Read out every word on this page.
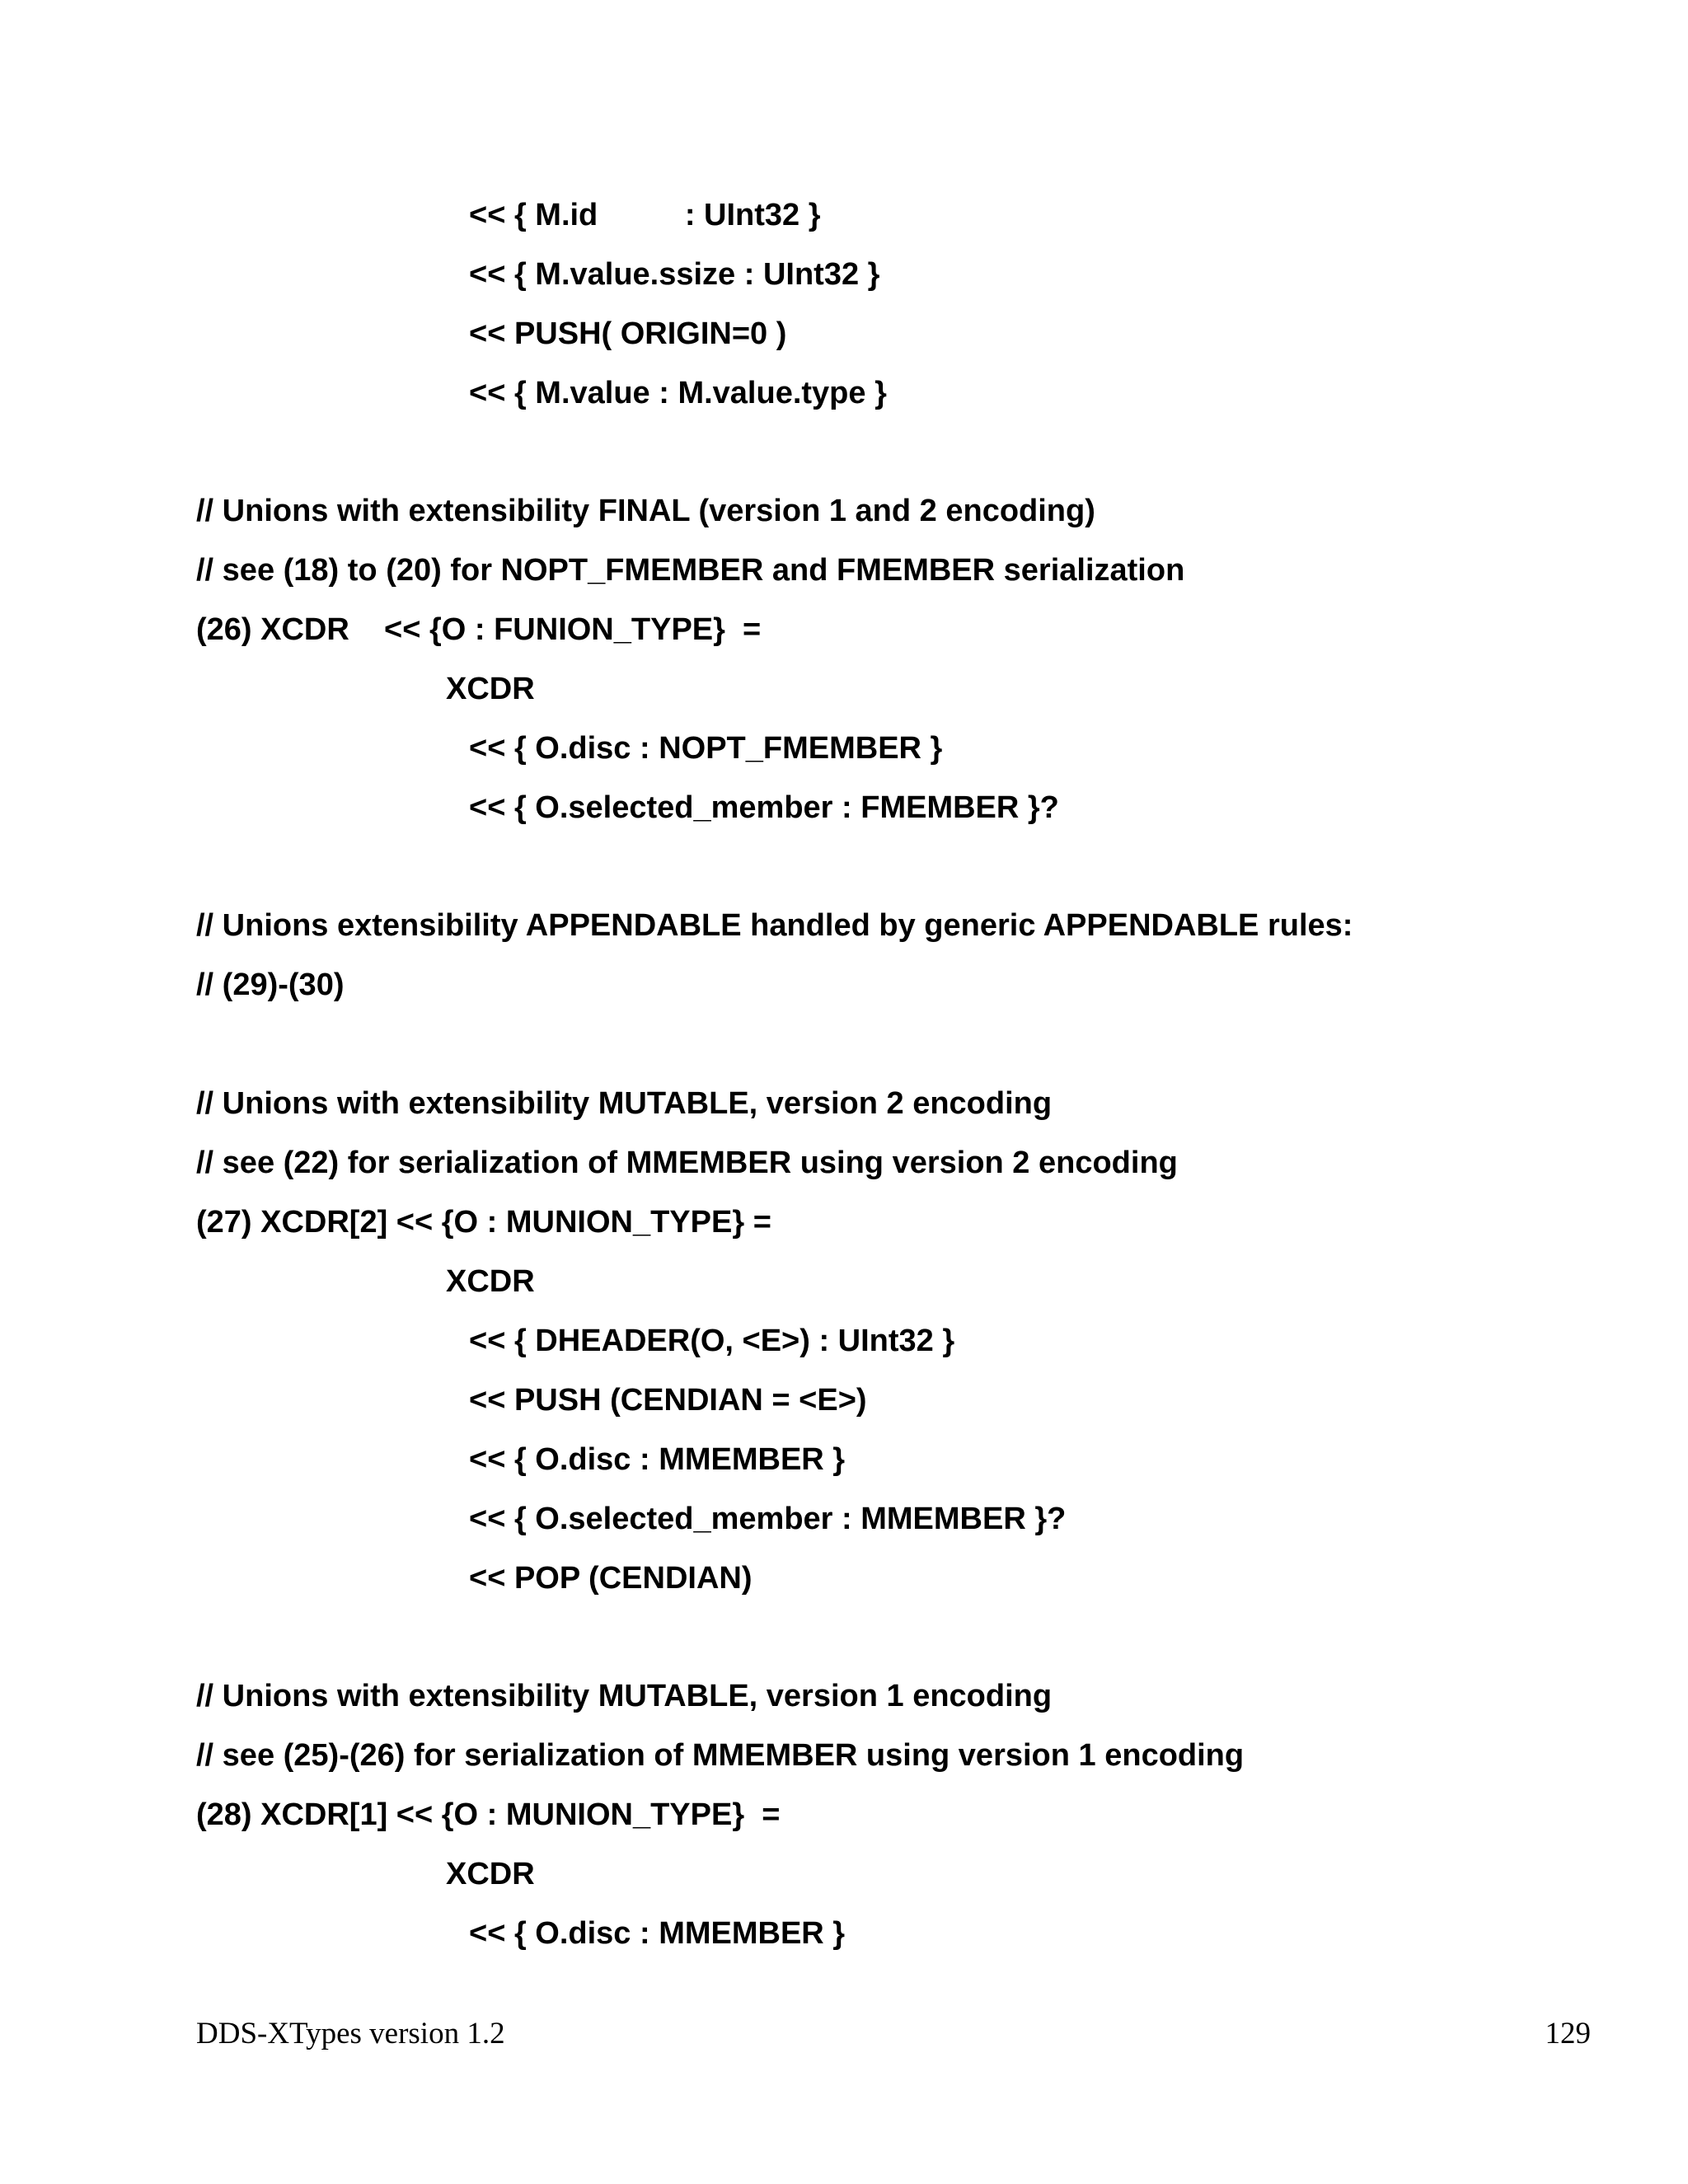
<< { M.id          : UInt32 }
<< { M.value.ssize : UInt32 }
<< PUSH( ORIGIN=0 )
<< { M.value : M.value.type }
// Unions with extensibility FINAL (version 1 and 2 encoding)
// see (18) to (20) for NOPT_FMEMBER and FMEMBER serialization
(26) XCDR    << {O : FUNION_TYPE}  =
XCDR
<< { O.disc : NOPT_FMEMBER }
<< { O.selected_member : FMEMBER }?
// Unions extensibility APPENDABLE handled by generic APPENDABLE rules:
// (29)-(30)
// Unions with extensibility MUTABLE, version 2 encoding
// see (22) for serialization of MMEMBER using version 2 encoding
(27) XCDR[2] << {O : MUNION_TYPE} =
XCDR
<< { DHEADER(O, <E>) : UInt32 }
<< PUSH (CENDIAN = <E>)
<< { O.disc : MMEMBER }
<< { O.selected_member : MMEMBER }?
<< POP (CENDIAN)
// Unions with extensibility MUTABLE, version 1 encoding
// see (25)-(26) for serialization of MMEMBER using version 1 encoding
(28) XCDR[1] << {O : MUNION_TYPE}  =
XCDR
<< { O.disc : MMEMBER }
DDS-XTypes version 1.2	129
